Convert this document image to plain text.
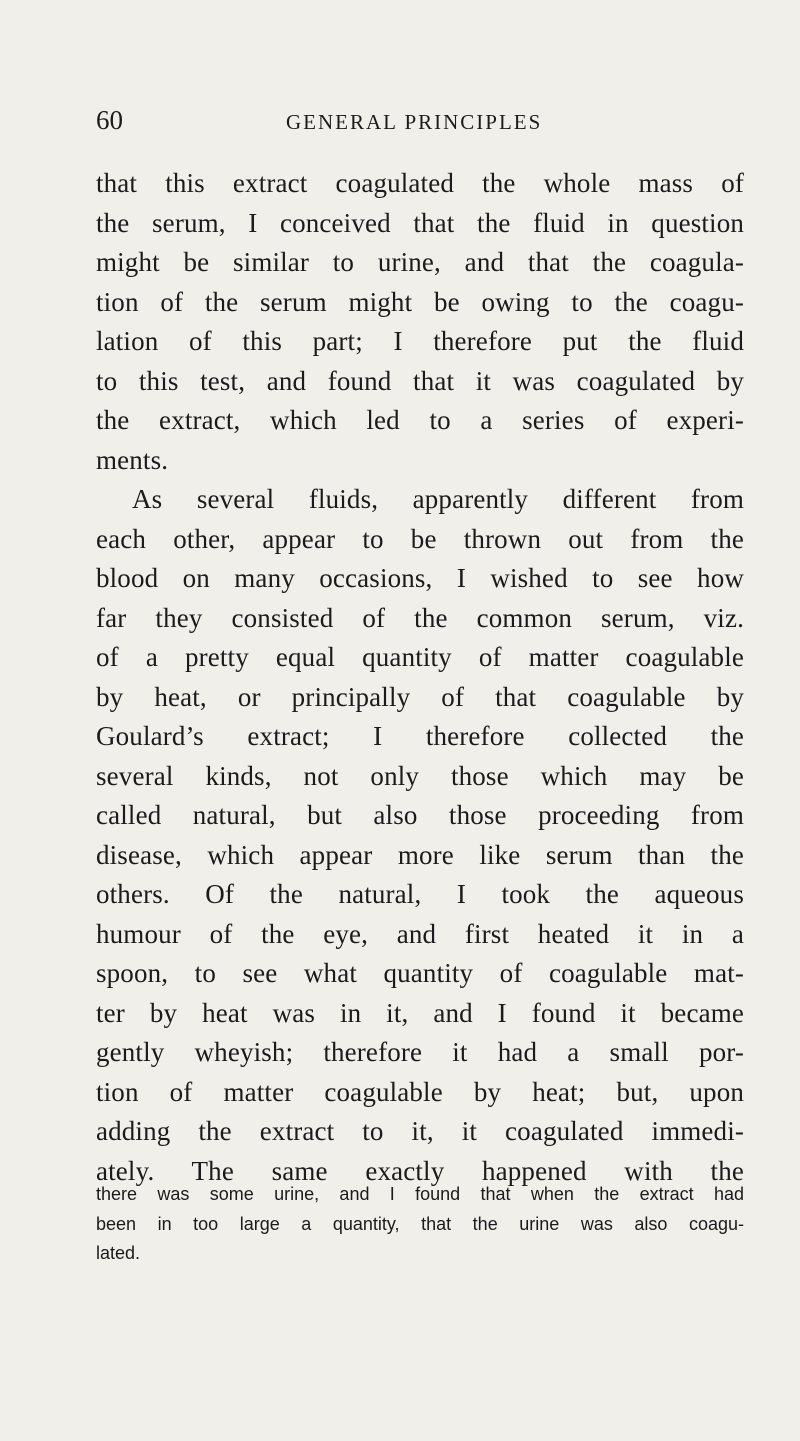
60	GENERAL PRINCIPLES
that this extract coagulated the whole mass of
the serum, I conceived that the fluid in question
might be similar to urine, and that the coagula-
tion of the serum might be owing to the coagu-
lation of this part; I therefore put the fluid
to this test, and found that it was coagulated by
the extract, which led to a series of experi-
ments.
As several fluids, apparently different from
each other, appear to be thrown out from the
blood on many occasions, I wished to see how
far they consisted of the common serum, viz.
of a pretty equal quantity of matter coagulable
by heat, or principally of that coagulable by
Goulard’s extract; I therefore collected the
several kinds, not only those which may be
called natural, but also those proceeding from
disease, which appear more like serum than the
others. Of the natural, I took the aqueous
humour of the eye, and first heated it in a
spoon, to see what quantity of coagulable mat-
ter by heat was in it, and I found it became
gently wheyish; therefore it had a small por-
tion of matter coagulable by heat; but, upon
adding the extract to it, it coagulated immedi-
ately. The same exactly happened with the
there was some urine, and I found that when the extract had
been in too large a quantity, that the urine was also coagu-
lated.
